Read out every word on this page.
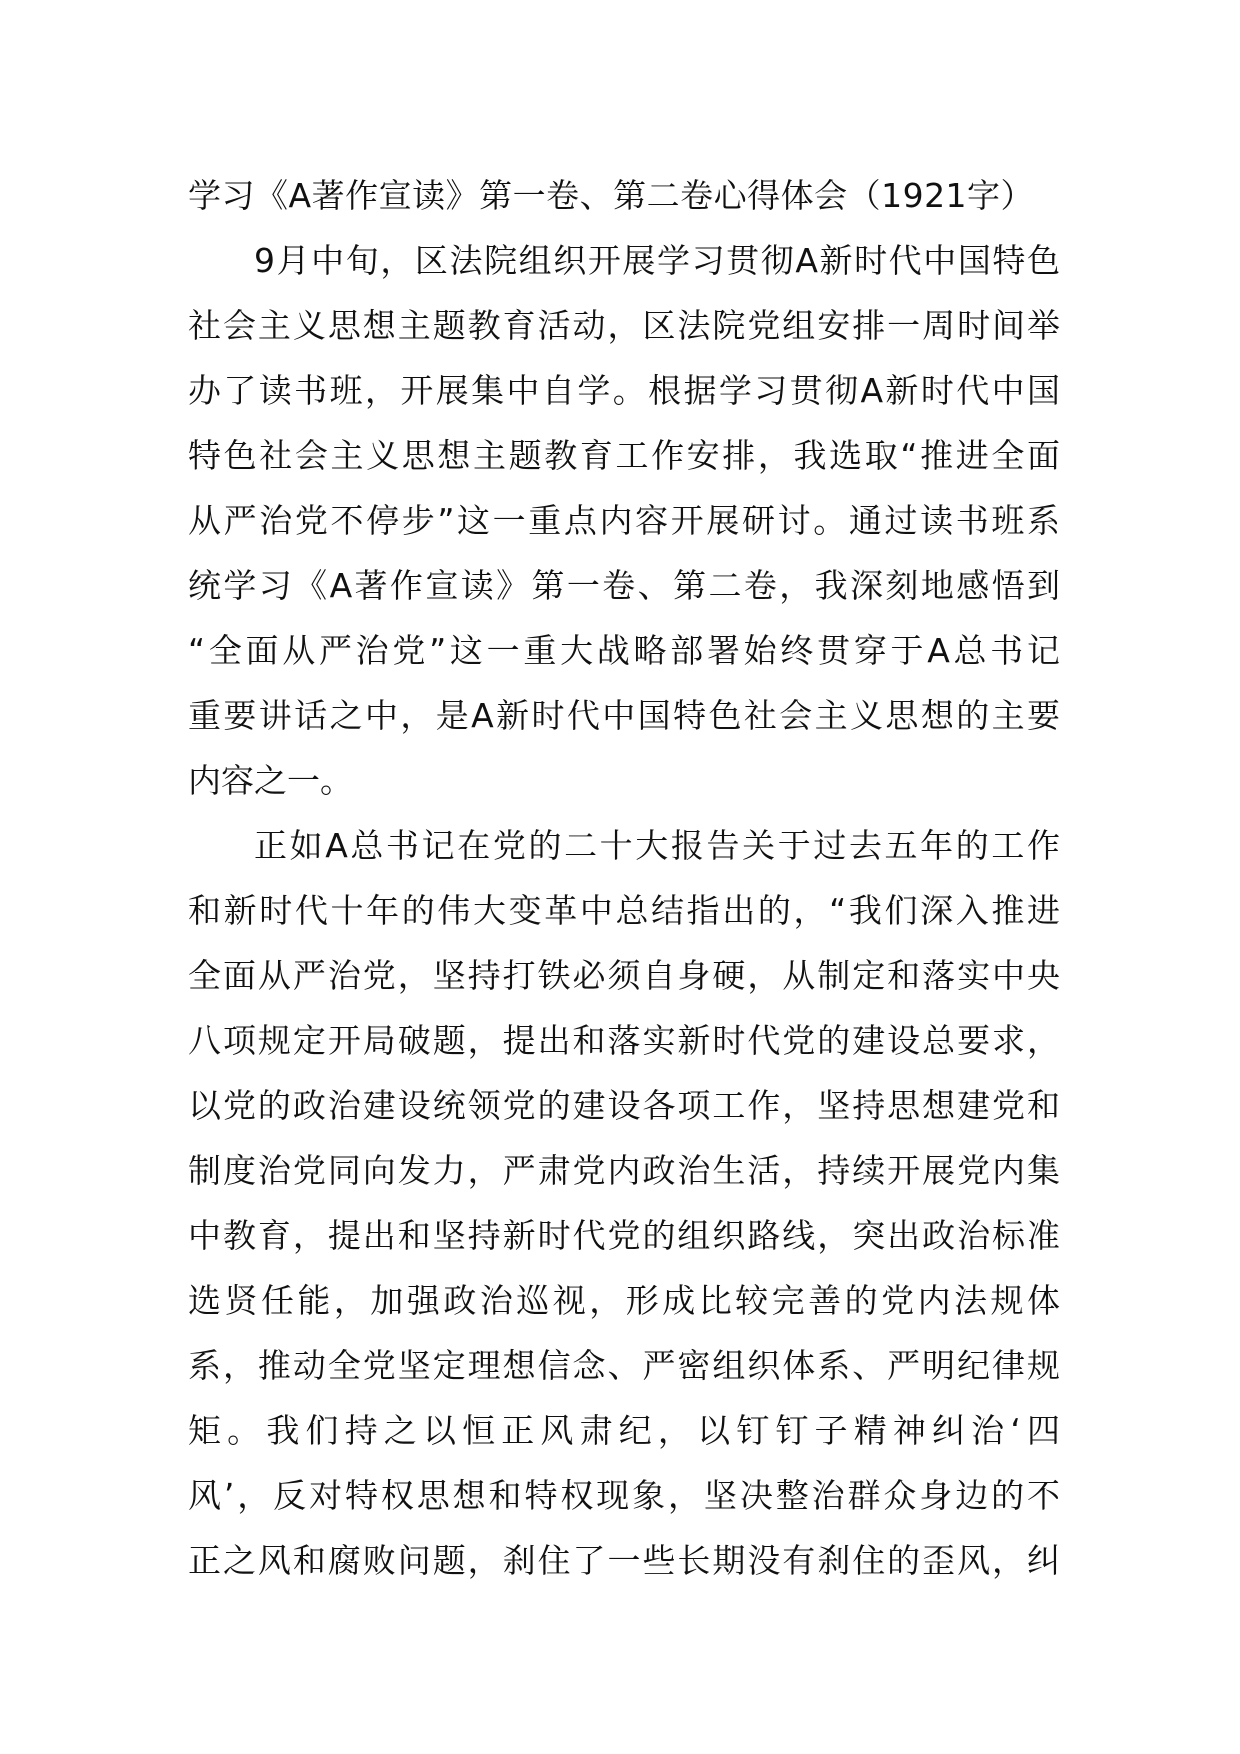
学习《A著作宣读》第一卷、第二卷心得体会（1921字）
9月中旬，区法院组织开展学习贯彻A新时代中国特色
社会主义思想主题教育活动，区法院党组安排一周时间举
办了读书班，开展集中自学。根据学习贯彻A新时代中国
特色社会主义思想主题教育工作安排，我选取“推进全面
从严治党不停步”这一重点内容开展研讨。通过读书班系
统学习《A著作宣读》第一卷、第二卷，我深刻地感悟到
“全面从严治党”这一重大战略部署始终贯穿于A总书记
重要讲话之中，是A新时代中国特色社会主义思想的主要
内容之一。
正如A总书记在党的二十大报告关于过去五年的工作
和新时代十年的伟大变革中总结指出的，“我们深入推进
全面从严治党，坚持打铁必须自身硬，从制定和落实中央
八项规定开局破题，提出和落实新时代党的建设总要求，
以党的政治建设统领党的建设各项工作，坚持思想建党和
制度治党同向发力，严肃党内政治生活，持续开展党内集
中教育，提出和坚持新时代党的组织路线，突出政治标准
选贤任能，加强政治巡视，形成比较完善的党内法规体
系，推动全党坚定理想信念、严密组织体系、严明纪律规
矩。我们持之以恒正风肃纪，以钉钉子精神纠治‘四
风’，反对特权思想和特权现象，坚决整治群众身边的不
正之风和腐败问题，刹住了一些长期没有刹住的歪风，纠
